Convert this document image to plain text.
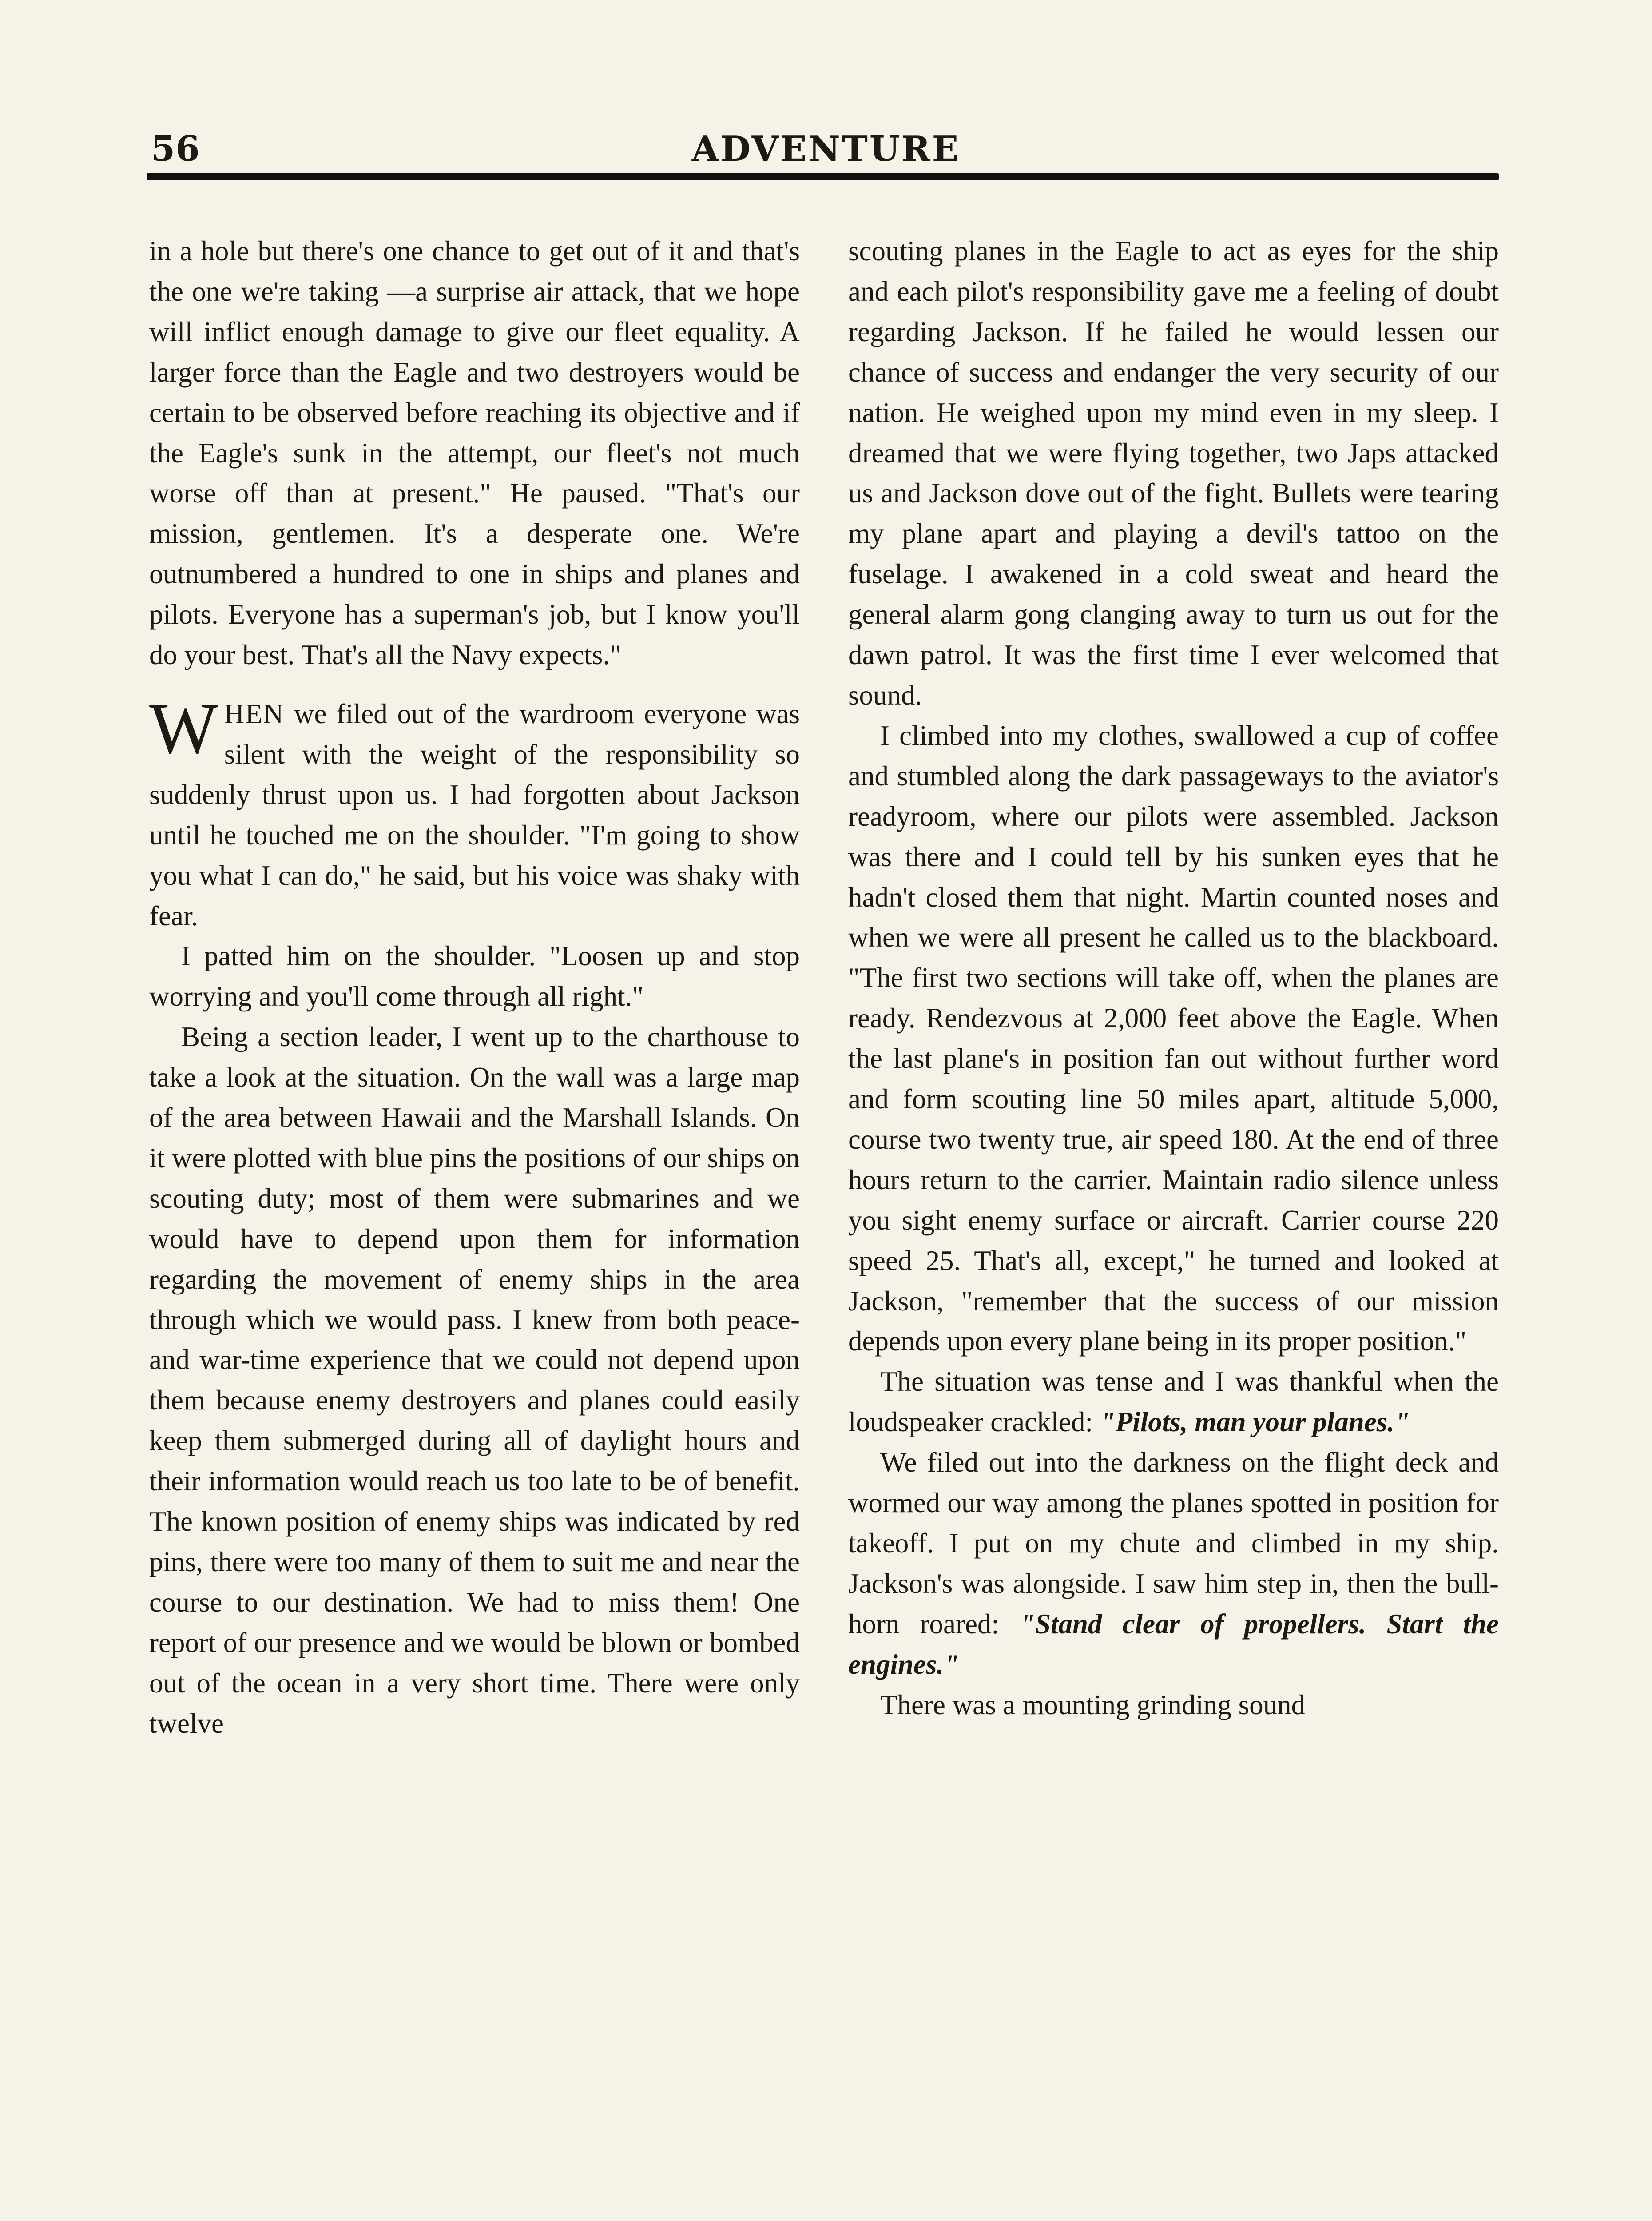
56	ADVENTURE

in a hole but there's one chance to get out of it and that's the one we're taking —a surprise air attack, that we hope will inflict enough damage to give our fleet equality. A larger force than the Eagle and two destroyers would be certain to be observed before reaching its objective and if the Eagle's sunk in the attempt, our fleet's not much worse off than at present." He paused. "That's our mission, gentlemen. It's a desperate one. We're outnumbered a hundred to one in ships and planes and pilots. Everyone has a superman's job, but I know you'll do your best. That's all the Navy expects."

WHEN we filed out of the wardroom everyone was silent with the weight of the responsibility so suddenly thrust upon us. I had forgotten about Jackson until he touched me on the shoulder. "I'm going to show you what I can do," he said, but his voice was shaky with fear.

I patted him on the shoulder. "Loosen up and stop worrying and you'll come through all right."

Being a section leader, I went up to the charthouse to take a look at the situation. On the wall was a large map of the area between Hawaii and the Marshall Islands. On it were plotted with blue pins the positions of our ships on scouting duty; most of them were submarines and we would have to depend upon them for information regarding the movement of enemy ships in the area through which we would pass. I knew from both peace- and war-time experience that we could not depend upon them because enemy destroyers and planes could easily keep them submerged during all of daylight hours and their information would reach us too late to be of benefit. The known position of enemy ships was indicated by red pins, there were too many of them to suit me and near the course to our destination. We had to miss them! One report of our presence and we would be blown or bombed out of the ocean in a very short time. There were only twelve

scouting planes in the Eagle to act as eyes for the ship and each pilot's responsibility gave me a feeling of doubt regarding Jackson. If he failed he would lessen our chance of success and endanger the very security of our nation. He weighed upon my mind even in my sleep. I dreamed that we were flying together, two Japs attacked us and Jackson dove out of the fight. Bullets were tearing my plane apart and playing a devil's tattoo on the fuselage. I awakened in a cold sweat and heard the general alarm gong clanging away to turn us out for the dawn patrol. It was the first time I ever welcomed that sound.

I climbed into my clothes, swallowed a cup of coffee and stumbled along the dark passageways to the aviator's readyroom, where our pilots were assembled. Jackson was there and I could tell by his sunken eyes that he hadn't closed them that night. Martin counted noses and when we were all present he called us to the blackboard. "The first two sections will take off, when the planes are ready. Rendezvous at 2,000 feet above the Eagle. When the last plane's in position fan out without further word and form scouting line 50 miles apart, altitude 5,000, course two twenty true, air speed 180. At the end of three hours return to the carrier. Maintain radio silence unless you sight enemy surface or aircraft. Carrier course 220 speed 25. That's all, except," he turned and looked at Jackson, "remember that the success of our mission depends upon every plane being in its proper position."

The situation was tense and I was thankful when the loudspeaker crackled: "Pilots, man your planes."

We filed out into the darkness on the flight deck and wormed our way among the planes spotted in position for takeoff. I put on my chute and climbed in my ship. Jackson's was alongside. I saw him step in, then the bull-horn roared: "Stand clear of propellers. Start the engines."

There was a mounting grinding sound
